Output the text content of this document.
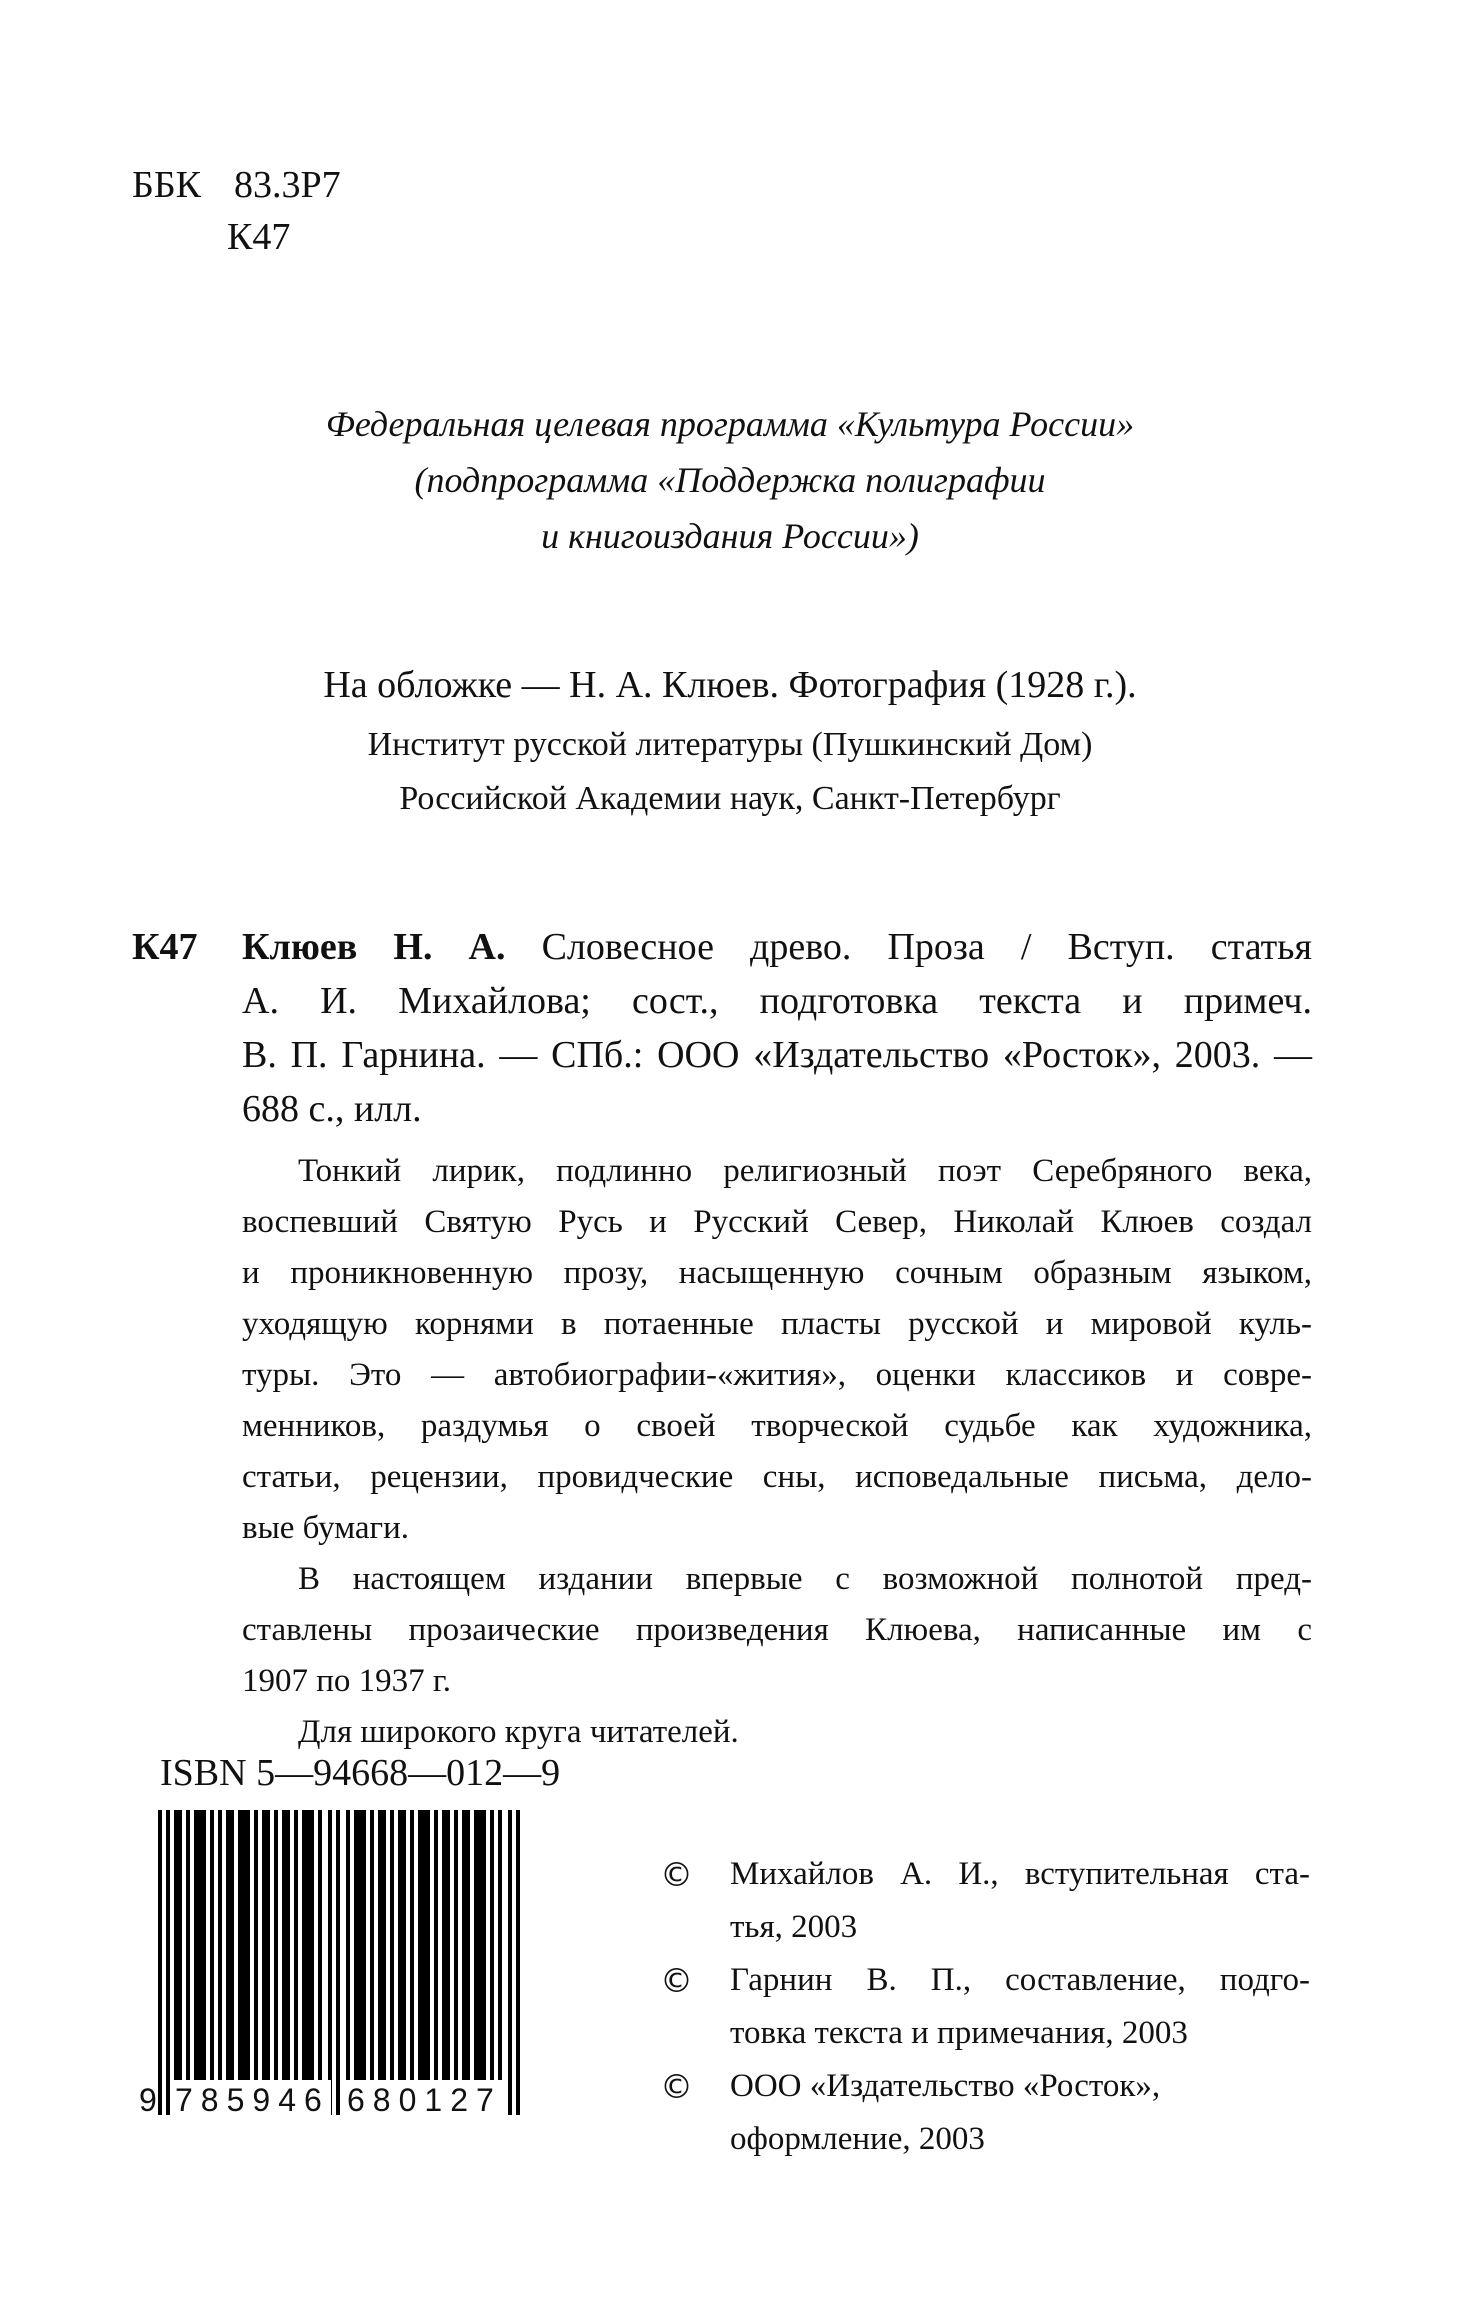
ББК 83.3Р7
К47
Федеральная целевая программа «Культура России»
(подпрограмма «Поддержка полиграфии
и книгоиздания России»)
На обложке — Н. А. Клюев. Фотография (1928 г.).
Институт русской литературы (Пушкинский Дом)
Российской Академии наук, Санкт-Петербург
К47 Клюев Н. А. Словесное древо. Проза / Вступ. статья
А. И. Михайлова; сост., подготовка текста и примеч.
В. П. Гарнина. — СПб.: ООО «Издательство «Росток», 2003. —
688 с., илл.
Тонкий лирик, подлинно религиозный поэт Серебряного века,
воспевший Святую Русь и Русский Север, Николай Клюев создал
и проникновенную прозу, насыщенную сочным образным языком,
уходящую корнями в потаенные пласты русской и мировой куль-
туры. Это — автобиографии-«жития», оценки классиков и совре-
менников, раздумья о своей творческой судьбе как художника,
статьи, рецензии, провидческие сны, исповедальные письма, дело-
вые бумаги.
В настоящем издании впервые с возможной полнотой пред-
ставлены прозаические произведения Клюева, написанные им с
1907 по 1937 г.
Для широкого круга читателей.
ISBN 5—94668—012—9
9 785946 680127
© Михайлов А. И., вступительная ста-
тья, 2003
© Гарнин В. П., составление, подго-
товка текста и примечания, 2003
© ООО «Издательство «Росток»,
оформление, 2003
